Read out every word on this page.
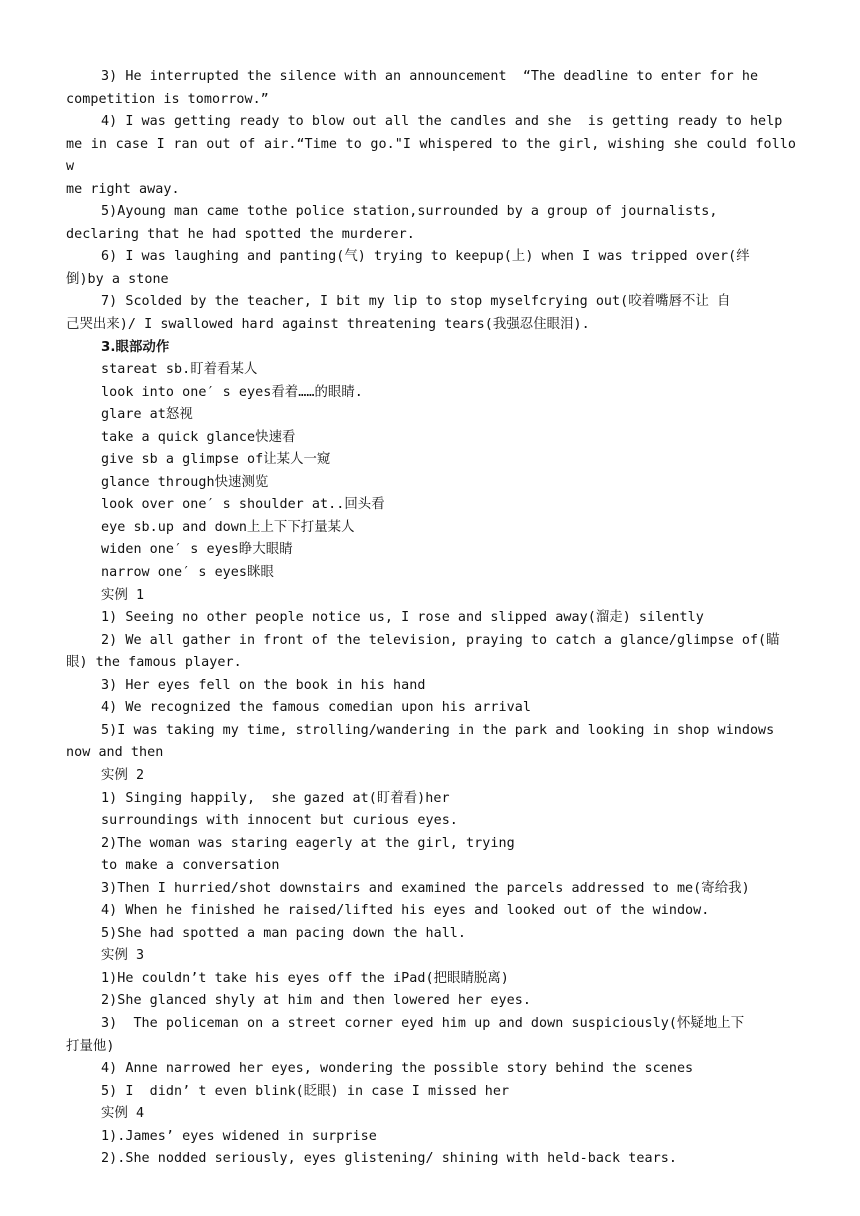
3) He interrupted the silence with an announcement  “The deadline to enter for he
competition is tomorrow.”
4) I was getting ready to blow out all the candles and she  is getting ready to help
me in case I ran out of air.“Time to go."I whispered to the girl, wishing she could follow
me right away.
5)Ayoung man came tothe police station,surrounded by a group of journalists,
declaring that he had spotted the murderer.
6) I was laughing and panting(气) trying to keepup(上) when I was tripped over(绊
倒)by a stone
7) Scolded by the teacher, I bit my lip to stop myselfcrying out(咬着嘴唇不让 自
己哭出来)/ I swallowed hard against threatening tears(我强忍住眼泪).
3.眼部动作
stareat sb.盯着看某人
look into one′ s eyes看着……的眼睛.
glare at怒视
take a quick glance快速看
give sb a glimpse of让某人一窥
glance through快速测览
look over one′ s shoulder at..回头看
eye sb.up and down上上下下打量某人
widen one′ s eyes睁大眼睛
narrow one′ s eyes眯眼
实例 1
1) Seeing no other people notice us, I rose and slipped away(溜走) silently
2) We all gather in front of the television, praying to catch a glance/glimpse of(瞄
眼) the famous player.
3) Her eyes fell on the book in his hand
4) We recognized the famous comedian upon his arrival
5)I was taking my time, strolling/wandering in the park and looking in shop windows
now and then
实例 2
1) Singing happily,  she gazed at(盯着看)her
surroundings with innocent but curious eyes.
2)The woman was staring eagerly at the girl, trying
to make a conversation
3)Then I hurried/shot downstairs and examined the parcels addressed to me(寄给我)
4) When he finished he raised/lifted his eyes and looked out of the window.
5)She had spotted a man pacing down the hall.
实例 3
1)He couldn’t take his eyes off the iPad(把眼睛脱离)
2)She glanced shyly at him and then lowered her eyes.
3)  The policeman on a street corner eyed him up and down suspiciously(怀疑地上下
打量他)
4) Anne narrowed her eyes, wondering the possible story behind the scenes
5) I  didn’ t even blink(眨眼) in case I missed her
实例 4
1).James’ eyes widened in surprise
2).She nodded seriously, eyes glistening/ shining with held-back tears.
